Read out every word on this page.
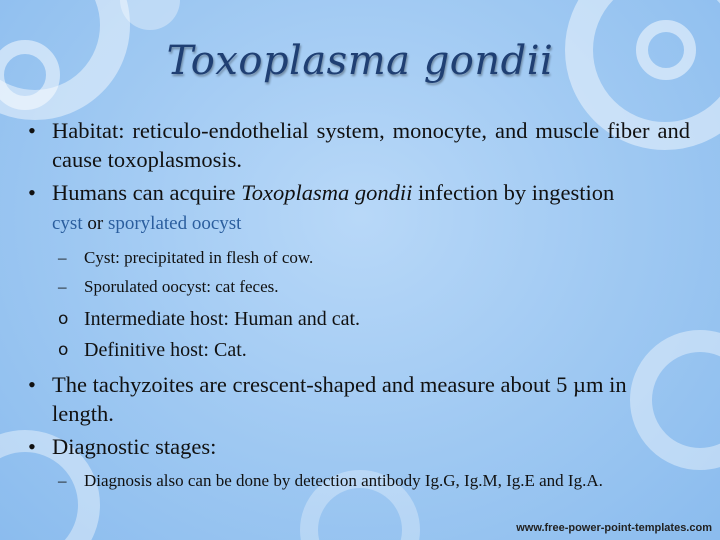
Toxoplasma gondii
• Habitat: reticulo-endothelial system, monocyte, and muscle fiber and cause toxoplasmosis.
• Humans can acquire Toxoplasma gondii infection by ingestion
cyst or sporylated oocyst
– Cyst: precipitated in flesh of cow.
– Sporulated oocyst: cat feces.
o Intermediate host: Human and cat.
o Definitive host: Cat.
• The tachyzoites are crescent-shaped and measure about 5 µm in length.
• Diagnostic stages:
– Diagnosis also can be done by detection antibody Ig.G, Ig.M, Ig.E and Ig.A.
www.free-power-point-templates.com
